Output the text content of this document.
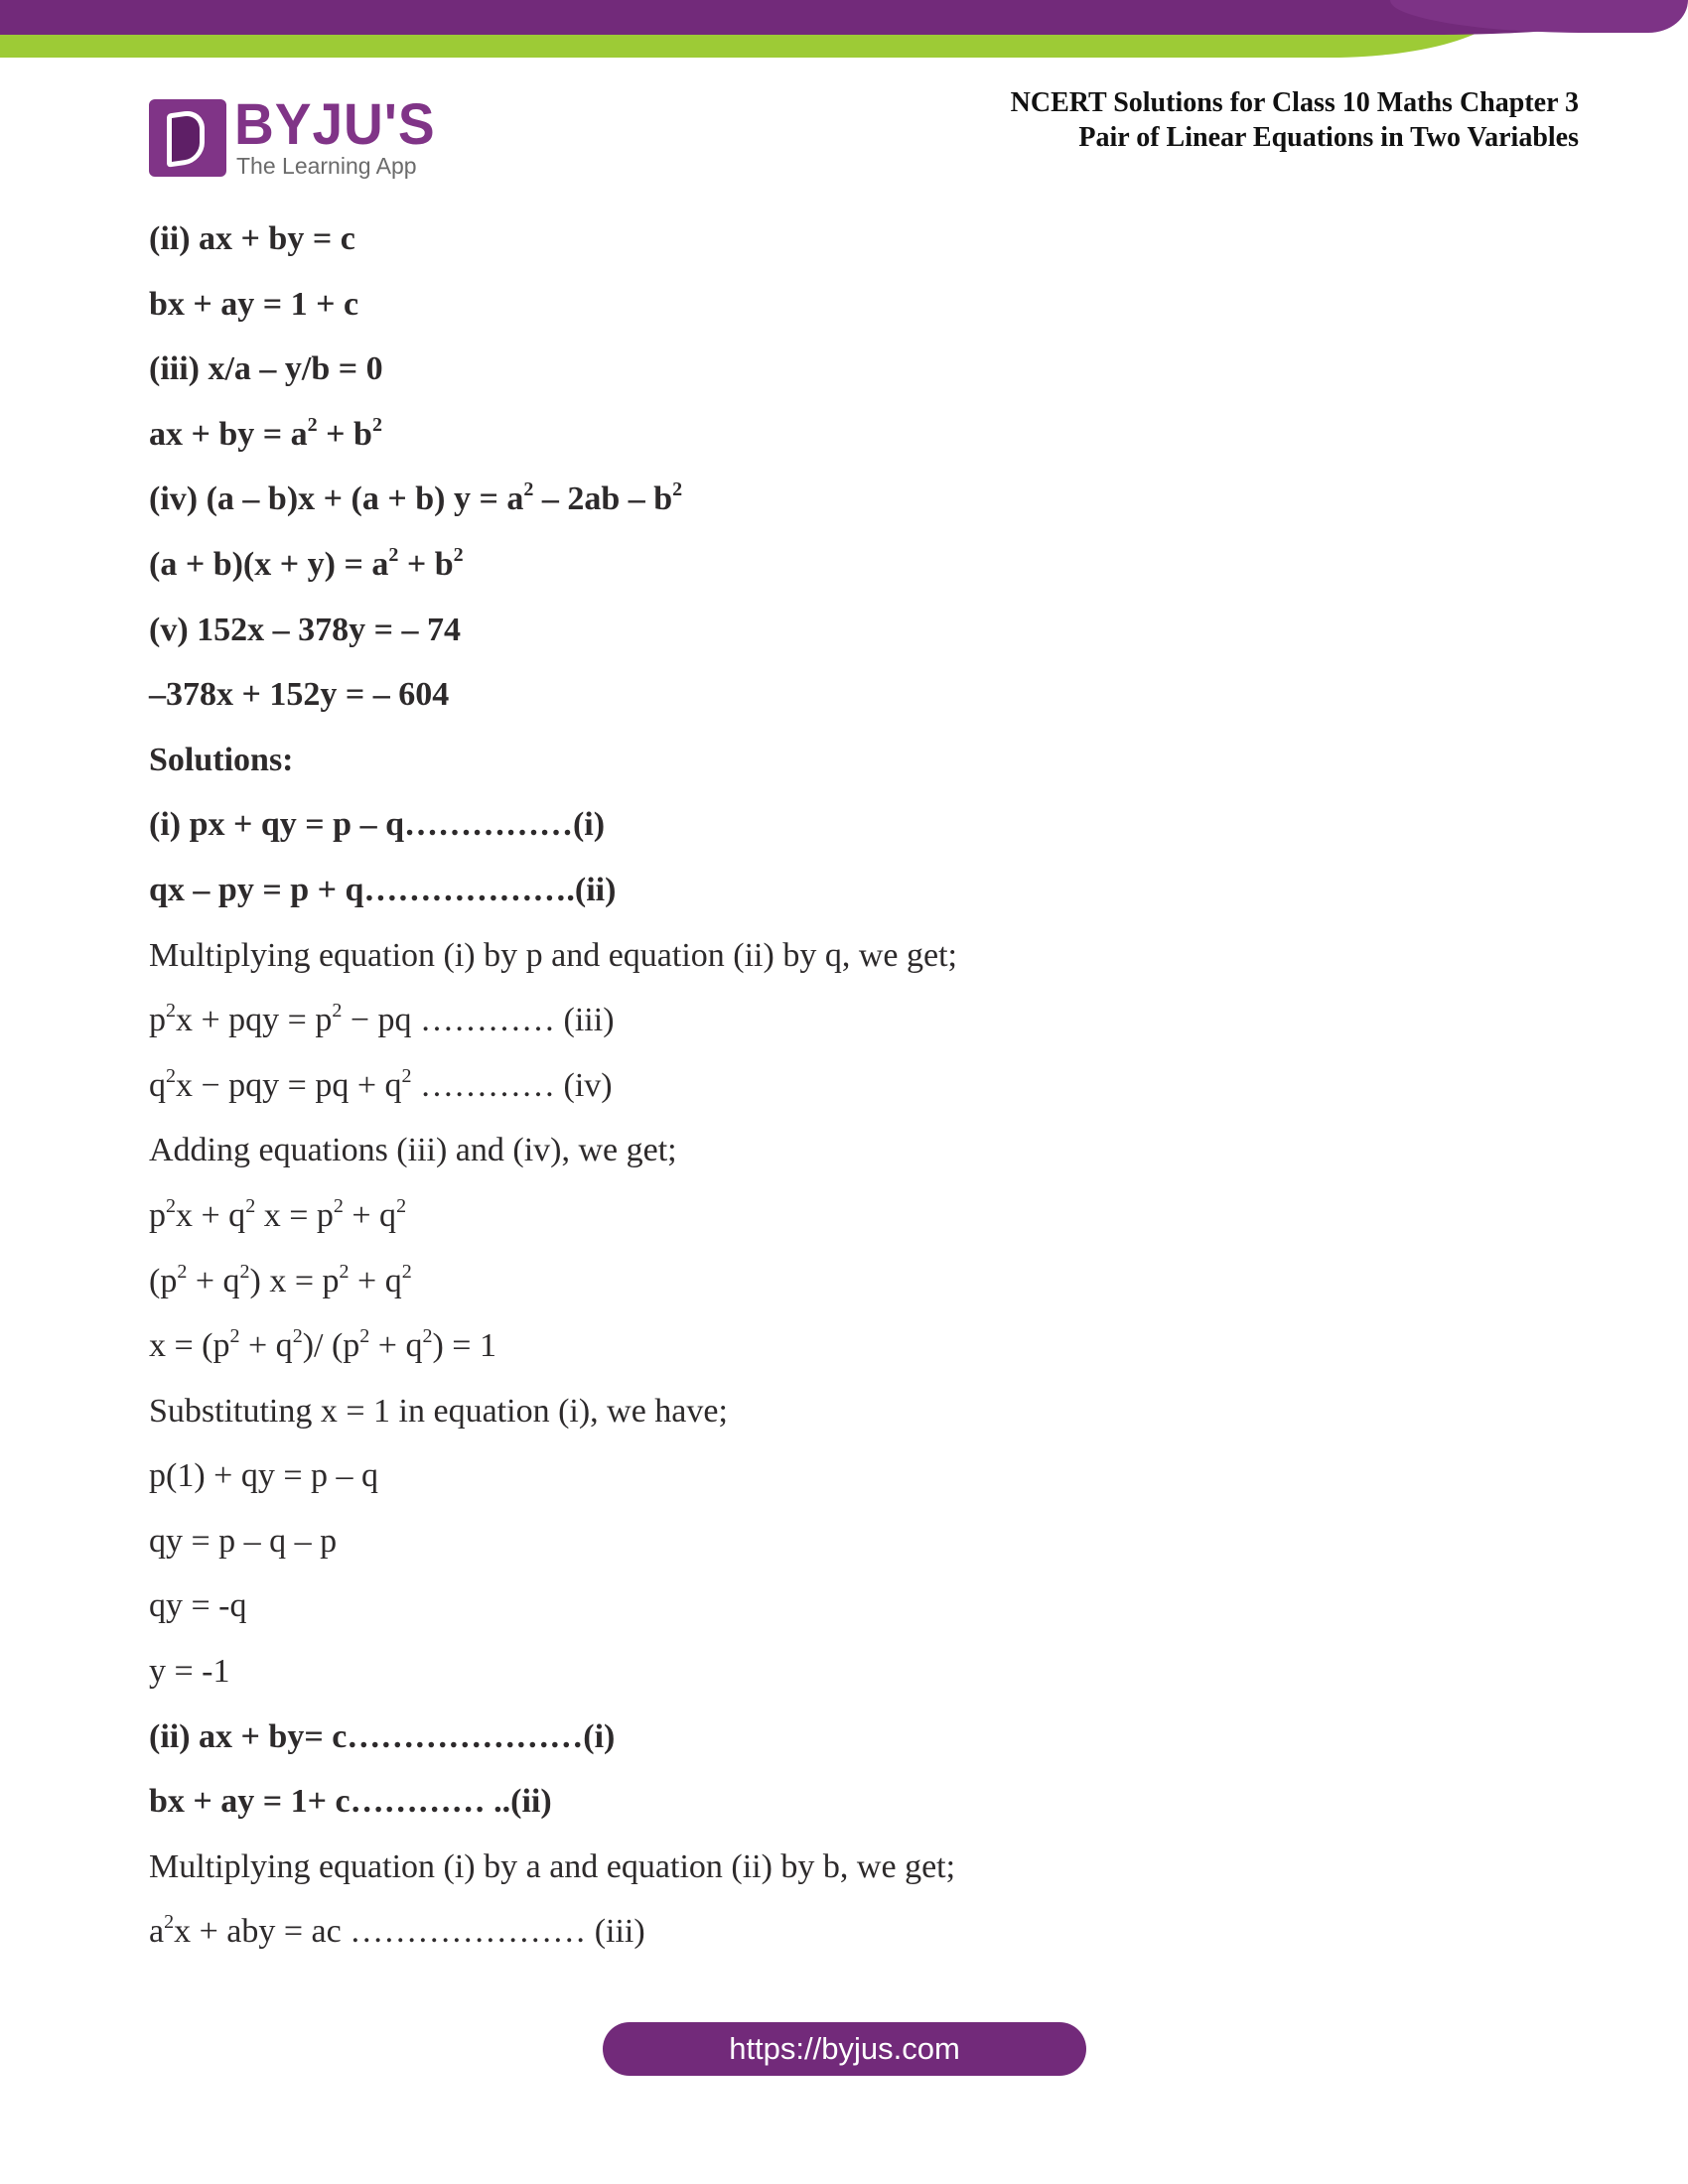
BYJU'S
The Learning App
NCERT Solutions for Class 10 Maths Chapter 3
Pair of Linear Equations in Two Variables
(ii) ax + by = c
bx + ay = 1 + c
(iii) x/a – y/b = 0
ax + by = $a^2 + b^2$
(iv) (a – b)x + (a + b) $y = a^2 - 2ab - b^2$
$(a + b)(x + y) = a^2 + b^2$
(v) 152x – 378y = – 74
–378x + 152y = – 604
Solutions:
(i) px + qy = p – q……………(i)
qx – py = p + q……………….(ii)
Multiplying equation (i) by p and equation (ii) by q, we get;
$p^2x$ + pqy = $p^2$ − pq ………… (iii)
$q^2x$ − pqy = pq + $q^2$ ………… (iv)
Adding equations (iii) and (iv), we get;
$p^2x + q^2$ $x = p^2 + q^2$
$(p^2 + q^2) x = p^2 + q^2$
$x = (p^2 + q^2)/$ $(p^2 + q^2) = 1$
Substituting x = 1 in equation (i), we have;
p(1) + qy = p – q
qy = p – q – p
qy = -q
y = -1
(ii) ax + by= c…………………(i)
bx + ay = 1+ c………… ..(ii)
Multiplying equation (i) by a and equation (ii) by b, we get;
$a^2x$ + aby = ac ………………… (iii)
https://byjus.com
